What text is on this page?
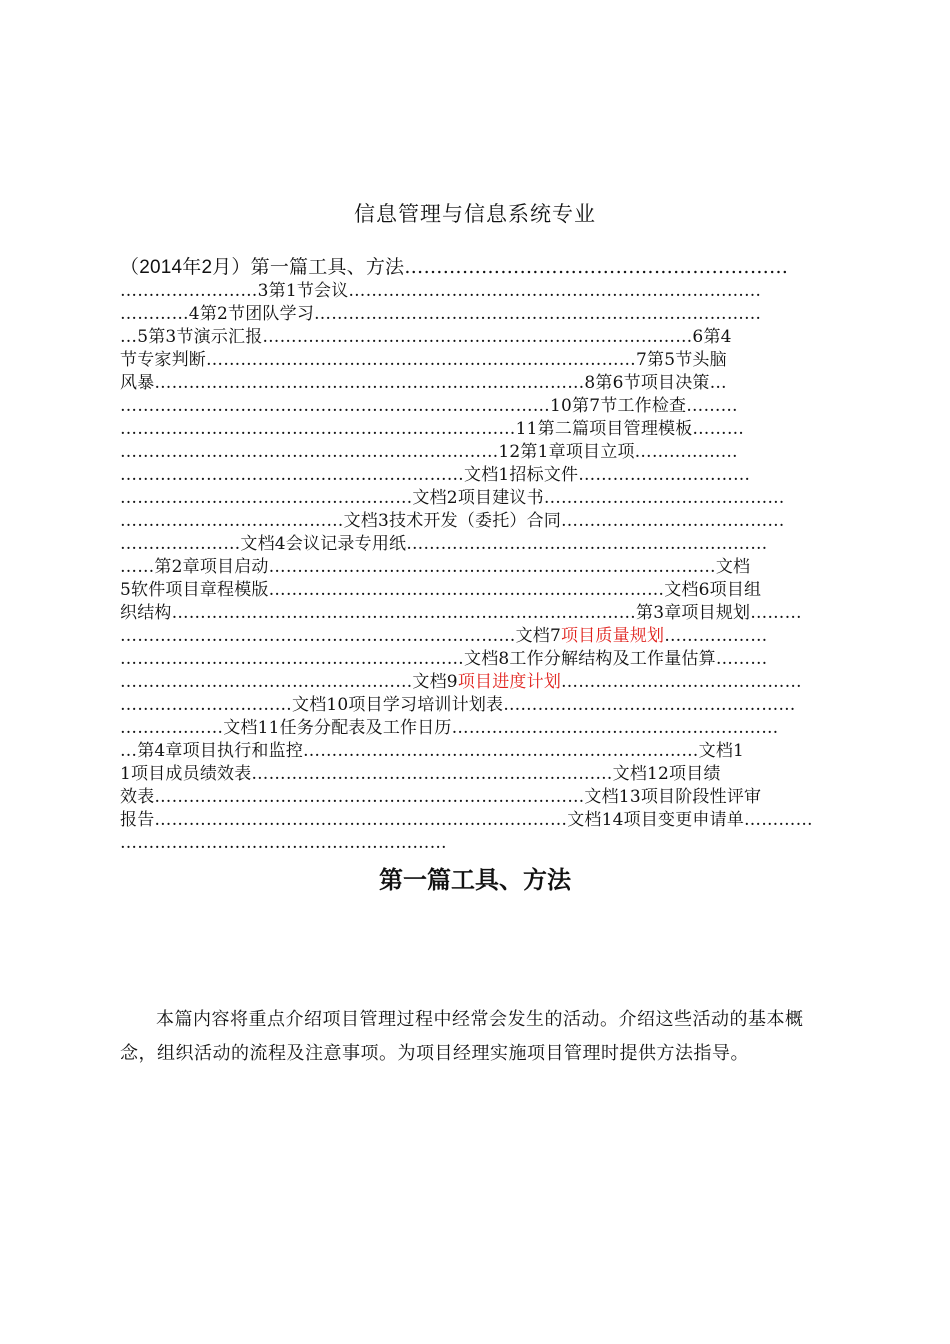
信息管理与信息系统专业
（2014年2月）第一篇工具、方法……………………………………………………
……………………3第1节会议………………………………………………………………
…………4第2节团队学习……………………………………………………………………
…5第3节演示汇报…………………………………………………………………6第4
节专家判断…………………………………………………………………7第5节头脑
风暴…………………………………………………………………8第6节项目决策…
…………………………………………………………………10第7节工作检查………
……………………………………………………………11第二篇项目管理模板………
…………………………………………………………12第1章项目立项………………
……………………………………………………文档1招标文件…………………………
……………………………………………文档2项目建议书……………………………………
…………………………………文档3技术开发（委托）合同…………………………………
…………………文档4会议记录专用纸………………………………………………………
……第2章项目启动……………………………………………………………………文档
5软件项目章程模版……………………………………………………………文档6项目组
织结构………………………………………………………………………第3章项目规划………
……………………………………………………………文档7项目质量规划………………
……………………………………………………文档8工作分解结构及工作量估算………
……………………………………………文档9项目进度计划……………………………………
…………………………文档10项目学习培训计划表……………………………………………
………………文档11任务分配表及工作日历…………………………………………………
…第4章项目执行和监控……………………………………………………………文档1
1项目成员绩效表………………………………………………………文档12项目绩
效表…………………………………………………………………文档13项目阶段性评审
报告………………………………………………………………文档14项目变更申请单…………
…………………………………………………
第一篇工具、方法
本篇内容将重点介绍项目管理过程中经常会发生的活动。介绍这些活动的基本概念，组织活动的流程及注意事项。为项目经理实施项目管理时提供方法指导。
